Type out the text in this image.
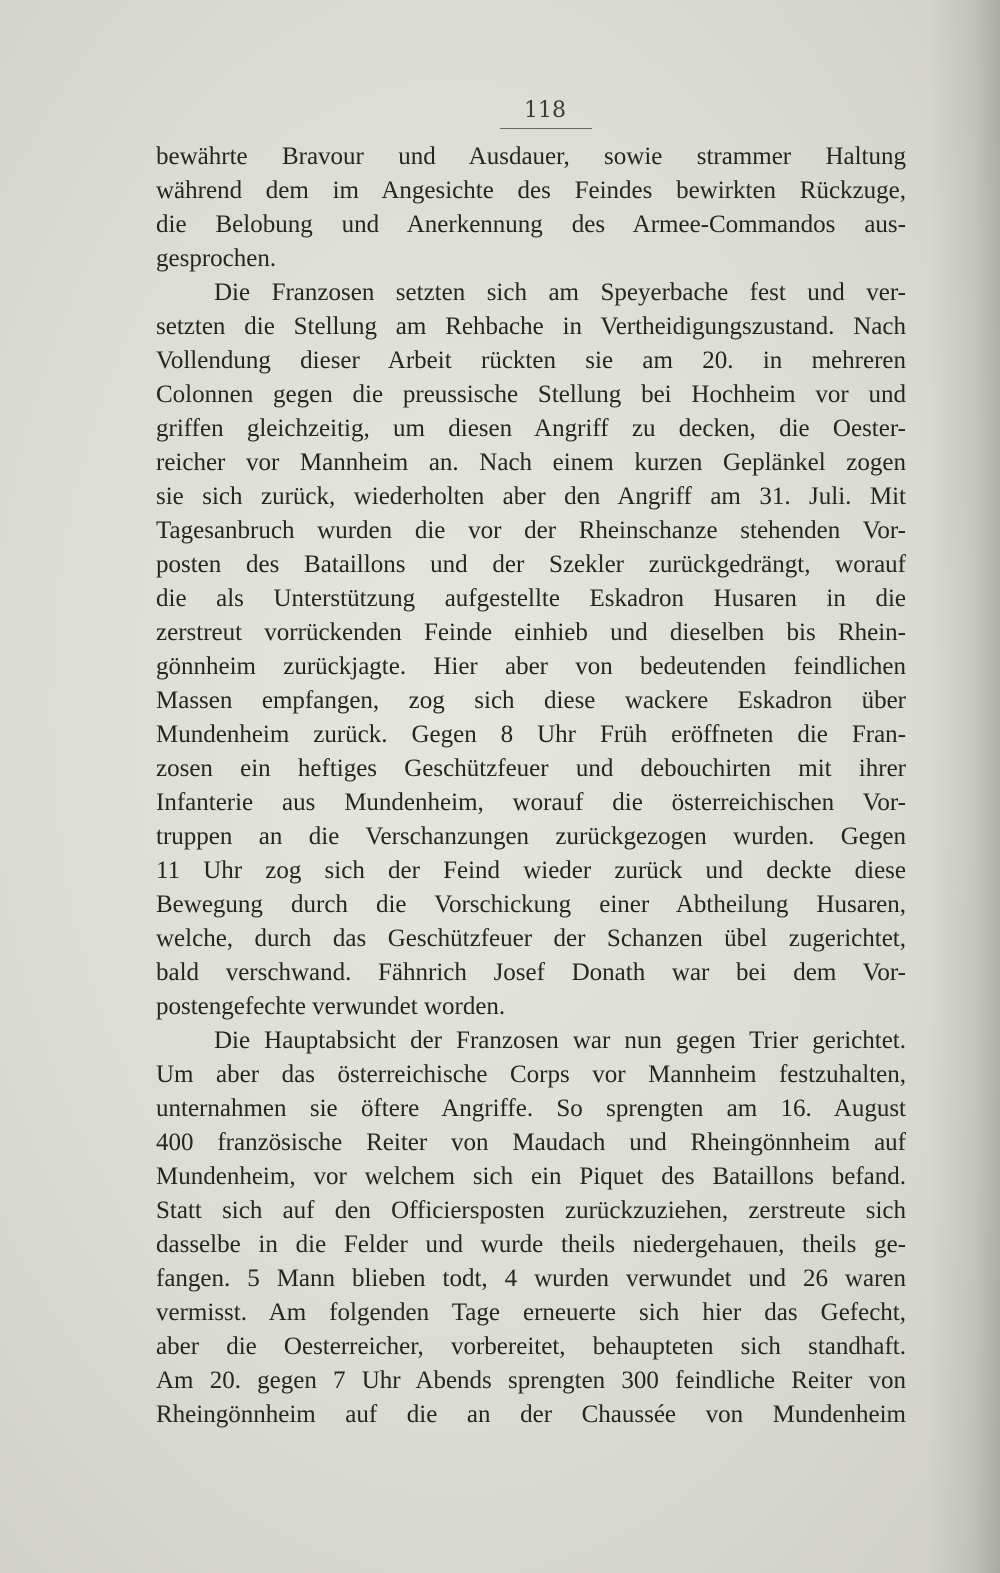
118
bewährte Bravour und Ausdauer, sowie strammer Haltung
während dem im Angesichte des Feindes bewirkten Rückzuge,
die Belobung und Anerkennung des Armee-Commandos aus-
gesprochen.
Die Franzosen setzten sich am Speyerbache fest und ver-
setzten die Stellung am Rehbache in Vertheidigungszustand. Nach
Vollendung dieser Arbeit rückten sie am 20. in mehreren
Colonnen gegen die preussische Stellung bei Hochheim vor und
griffen gleichzeitig, um diesen Angriff zu decken, die Oester-
reicher vor Mannheim an. Nach einem kurzen Geplänkel zogen
sie sich zurück, wiederholten aber den Angriff am 31. Juli. Mit
Tagesanbruch wurden die vor der Rheinschanze stehenden Vor-
posten des Bataillons und der Szekler zurückgedrängt, worauf
die als Unterstützung aufgestellte Eskadron Husaren in die
zerstreut vorrückenden Feinde einhieb und dieselben bis Rhein-
gönnheim zurückjagte. Hier aber von bedeutenden feindlichen
Massen empfangen, zog sich diese wackere Eskadron über
Mundenheim zurück. Gegen 8 Uhr Früh eröffneten die Fran-
zosen ein heftiges Geschützfeuer und debouchirten mit ihrer
Infanterie aus Mundenheim, worauf die österreichischen Vor-
truppen an die Verschanzungen zurückgezogen wurden. Gegen
11 Uhr zog sich der Feind wieder zurück und deckte diese
Bewegung durch die Vorschickung einer Abtheilung Husaren,
welche, durch das Geschützfeuer der Schanzen übel zugerichtet,
bald verschwand. Fähnrich Josef Donath war bei dem Vor-
postengefechte verwundet worden.
Die Hauptabsicht der Franzosen war nun gegen Trier gerichtet.
Um aber das österreichische Corps vor Mannheim festzuhalten,
unternahmen sie öftere Angriffe. So sprengten am 16. August
400 französische Reiter von Maudach und Rheingönnheim auf
Mundenheim, vor welchem sich ein Piquet des Bataillons befand.
Statt sich auf den Officiersposten zurückzuziehen, zerstreute sich
dasselbe in die Felder und wurde theils niedergehauen, theils ge-
fangen. 5 Mann blieben todt, 4 wurden verwundet und 26 waren
vermisst. Am folgenden Tage erneuerte sich hier das Gefecht,
aber die Oesterreicher, vorbereitet, behaupteten sich standhaft.
Am 20. gegen 7 Uhr Abends sprengten 300 feindliche Reiter von
Rheingönnheim auf die an der Chaussée von Mundenheim
